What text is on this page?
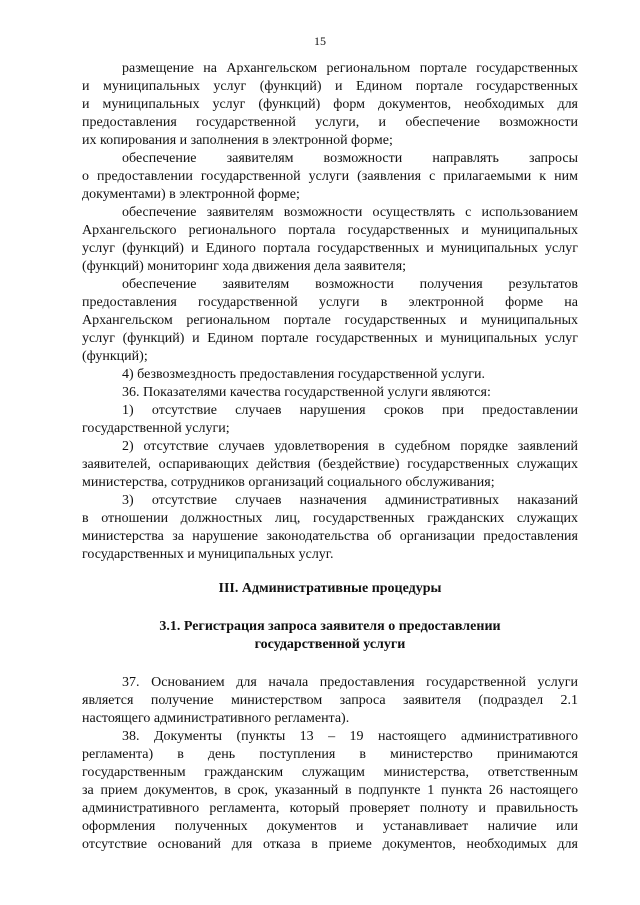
15
размещение на Архангельском региональном портале государственных
и муниципальных услуг (функций) и Едином портале государственных
и муниципальных услуг (функций) форм документов, необходимых для
предоставления государственной услуги, и обеспечение возможности
их копирования и заполнения в электронной форме;
обеспечение заявителям возможности направлять запросы
о предоставлении государственной услуги (заявления с прилагаемыми к ним
документами) в электронной форме;
обеспечение заявителям возможности осуществлять с использованием
Архангельского регионального портала государственных и муниципальных
услуг (функций) и Единого портала государственных и муниципальных услуг
(функций) мониторинг хода движения дела заявителя;
обеспечение заявителям возможности получения результатов
предоставления государственной услуги в электронной форме на
Архангельском региональном портале государственных и муниципальных
услуг (функций) и Едином портале государственных и муниципальных услуг
(функций);
4) безвозмездность предоставления государственной услуги.
36. Показателями качества государственной услуги являются:
1) отсутствие случаев нарушения сроков при предоставлении
государственной услуги;
2) отсутствие случаев удовлетворения в судебном порядке заявлений
заявителей, оспаривающих действия (бездействие) государственных служащих
министерства, сотрудников организаций социального обслуживания;
3) отсутствие случаев назначения административных наказаний
в отношении должностных лиц, государственных гражданских служащих
министерства за нарушение законодательства об организации предоставления
государственных и муниципальных услуг.
III. Административные процедуры
3.1. Регистрация запроса заявителя о предоставлении
государственной услуги
37. Основанием для начала предоставления государственной услуги
является получение министерством запроса заявителя (подраздел 2.1
настоящего административного регламента).
38. Документы (пункты 13 – 19 настоящего административного
регламента) в день поступления в министерство принимаются
государственным гражданским служащим министерства, ответственным
за прием документов, в срок, указанный в подпункте 1 пункта 26 настоящего
административного регламента, который проверяет полноту и правильность
оформления полученных документов и устанавливает наличие или
отсутствие оснований для отказа в приеме документов, необходимых для
